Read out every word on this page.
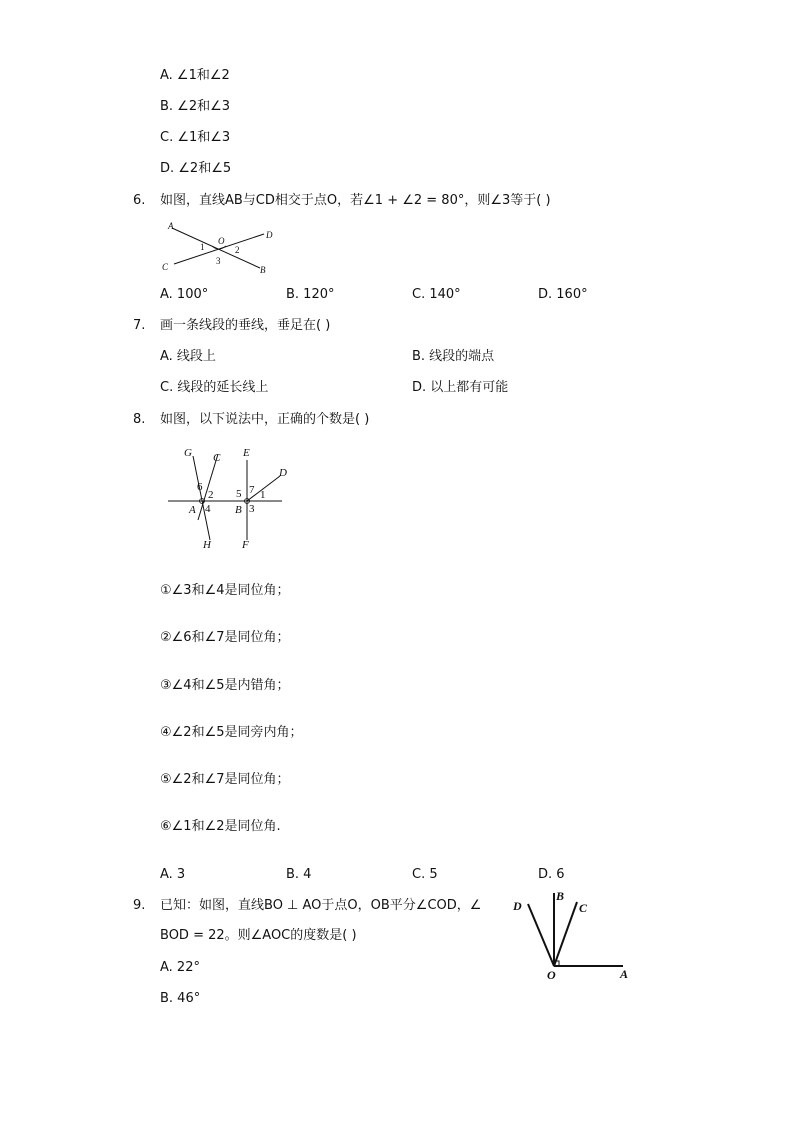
A. ∠1和∠2
B. ∠2和∠3
C. ∠1和∠3
D. ∠2和∠5
6. 如图，直线AB与CD相交于点O，若∠1 + ∠2 = 80°，则∠3等于( )
A
B
C
D
O
1	2
3
A. 100°	B. 120°	C. 140°	D. 160°
7. 画一条线段的垂线，垂足在( )
A. 线段上	B. 线段的端点
C. 线段的延长线上	D. 以上都有可能
8. 如图，以下说法中，正确的个数是( )
G C E
D
A	B
H	F
6
2
4
5 7 1
3
①∠3和∠4是同位角；
②∠6和∠7是同位角；
③∠4和∠5是内错角；
④∠2和∠5是同旁内角；
⑤∠2和∠7是同位角；
⑥∠1和∠2是同位角.
A. 3	B. 4	C. 5	D. 6
9. 已知：如图，直线BO ⊥ AO于点O，OB平分∠COD，∠
BOD = 22。则∠AOC的度数是( )
A. 22°
B. 46°
D
B
C
O	A
